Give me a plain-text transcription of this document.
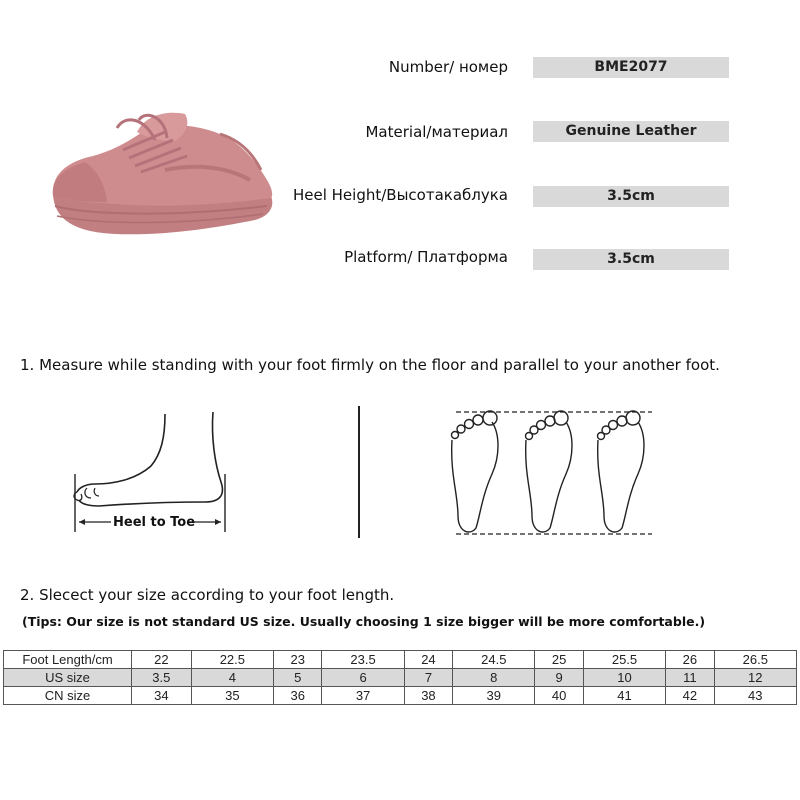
Number/ номер	BME2077
Material/материал	Genuine Leather
Heel Height/Высотакаблука	3.5cm
Platform/ Платформа	3.5cm
1. Measure while standing with your foot firmly on the floor and parallel to your another foot.
Heel to Toe
2. Slecect your size according to your foot length.
(Tips: Our size is not standard US size. Usually choosing 1 size bigger will be more comfortable.)
Foot Length/cm	22	22.5	23	23.5	24	24.5	25	25.5	26	26.5
US size	3.5	4	5	6	7	8	9	10	11	12
CN size	34	35	36	37	38	39	40	41	42	43
